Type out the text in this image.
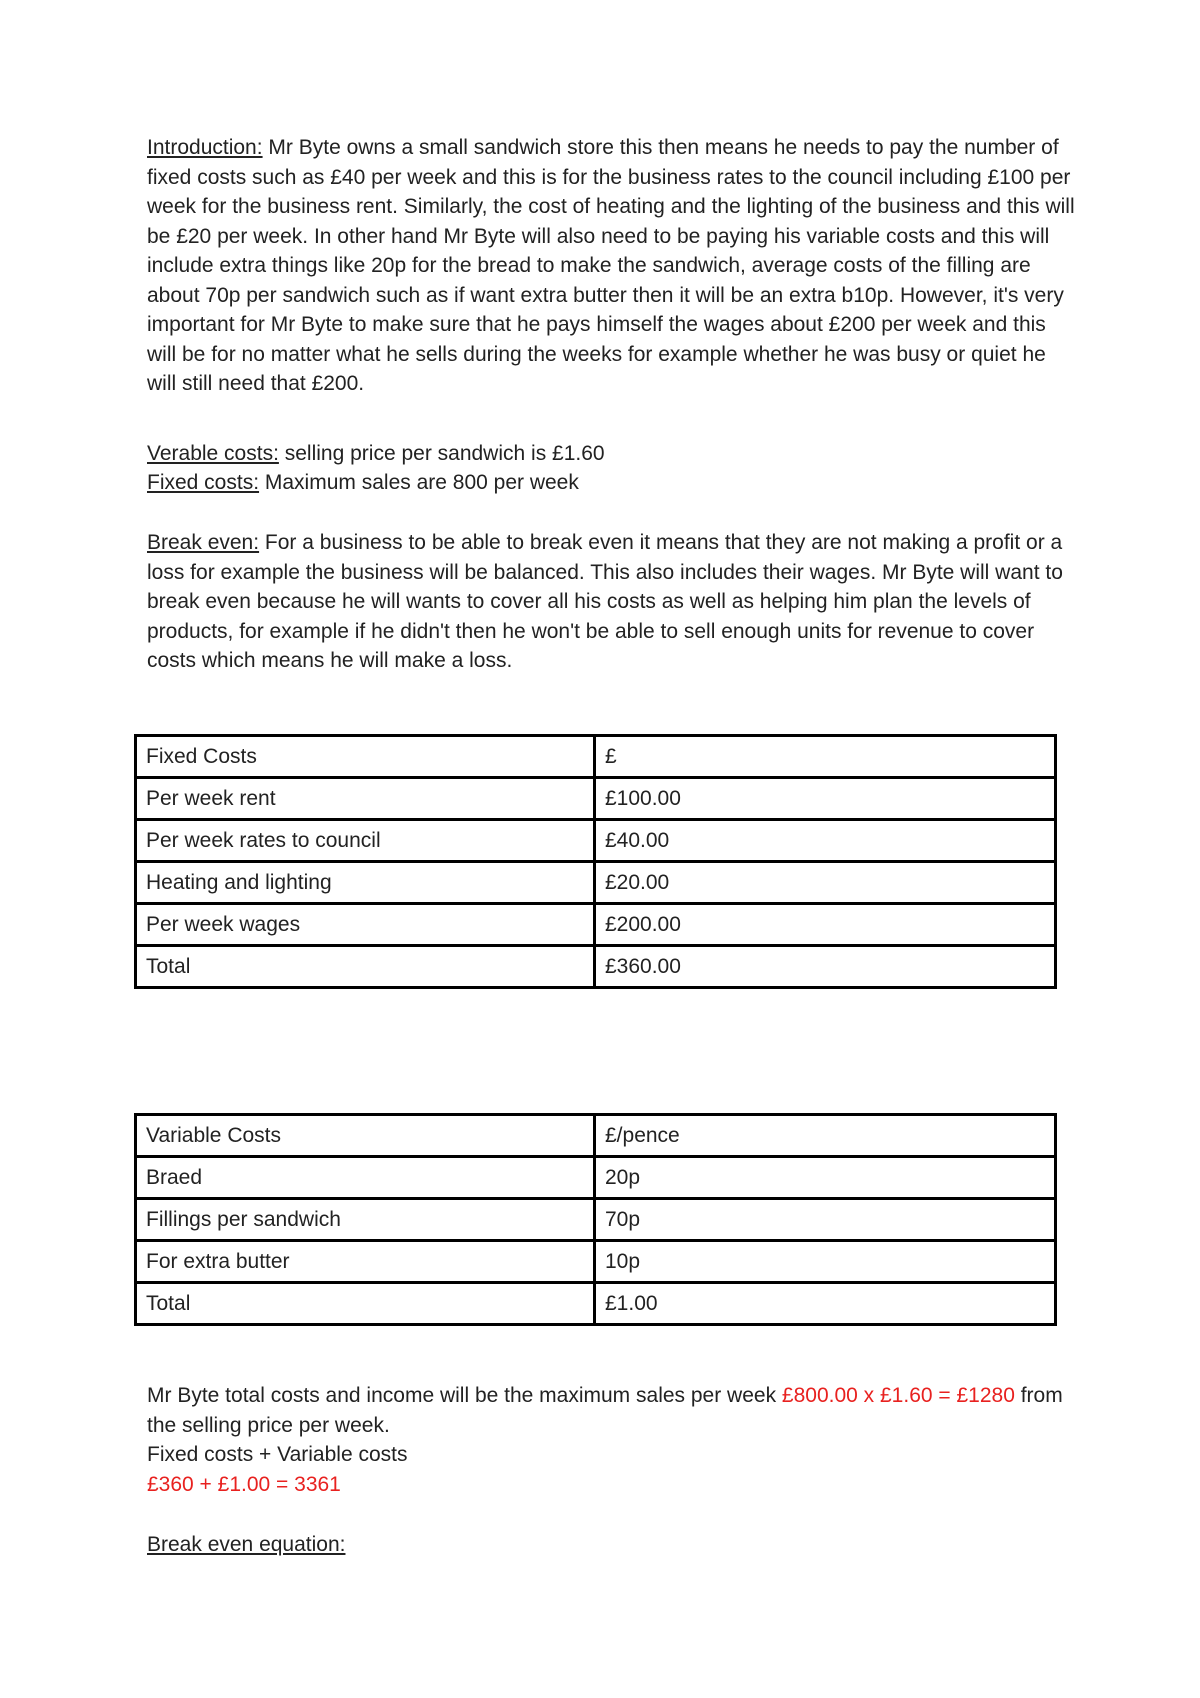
Introduction: Mr Byte owns a small sandwich store this then means he needs to pay the number of fixed costs such as £40 per week and this is for the business rates to the council including £100 per week for the business rent. Similarly, the cost of heating and the lighting of the business and this will be £20 per week. In other hand Mr Byte will also need to be paying his variable costs and this will include extra things like 20p for the bread to make the sandwich, average costs of the filling are about 70p per sandwich such as if want extra butter then it will be an extra b10p. However, it's very important for Mr Byte to make sure that he pays himself the wages about £200 per week and this will be for no matter what he sells during the weeks for example whether he was busy or quiet he will still need that £200.

Verable costs: selling price per sandwich is £1.60

Fixed costs: Maximum sales are 800 per week

Break even: For a business to be able to break even it means that they are not making a profit or a loss for example the business will be balanced. This also includes their wages. Mr Byte will want to break even because he will wants to cover all his costs as well as helping him plan the levels of products, for example if he didn't then he won't be able to sell enough units for revenue to cover costs which means he will make a loss.

Fixed Costs	£
Per week rent	£100.00
Per week rates to council	£40.00
Heating and lighting	£20.00
Per week wages	£200.00
Total	£360.00
Variable Costs	£/pence
Braed	20p
Fillings per sandwich	70p
For extra butter	10p
Total	£1.00

Mr Byte total costs and income will be the maximum sales per week £800.00 x £1.60 = £1280 from the selling price per week.

Fixed costs + Variable costs

£360 + £1.00 = 3361

Break even equation:
